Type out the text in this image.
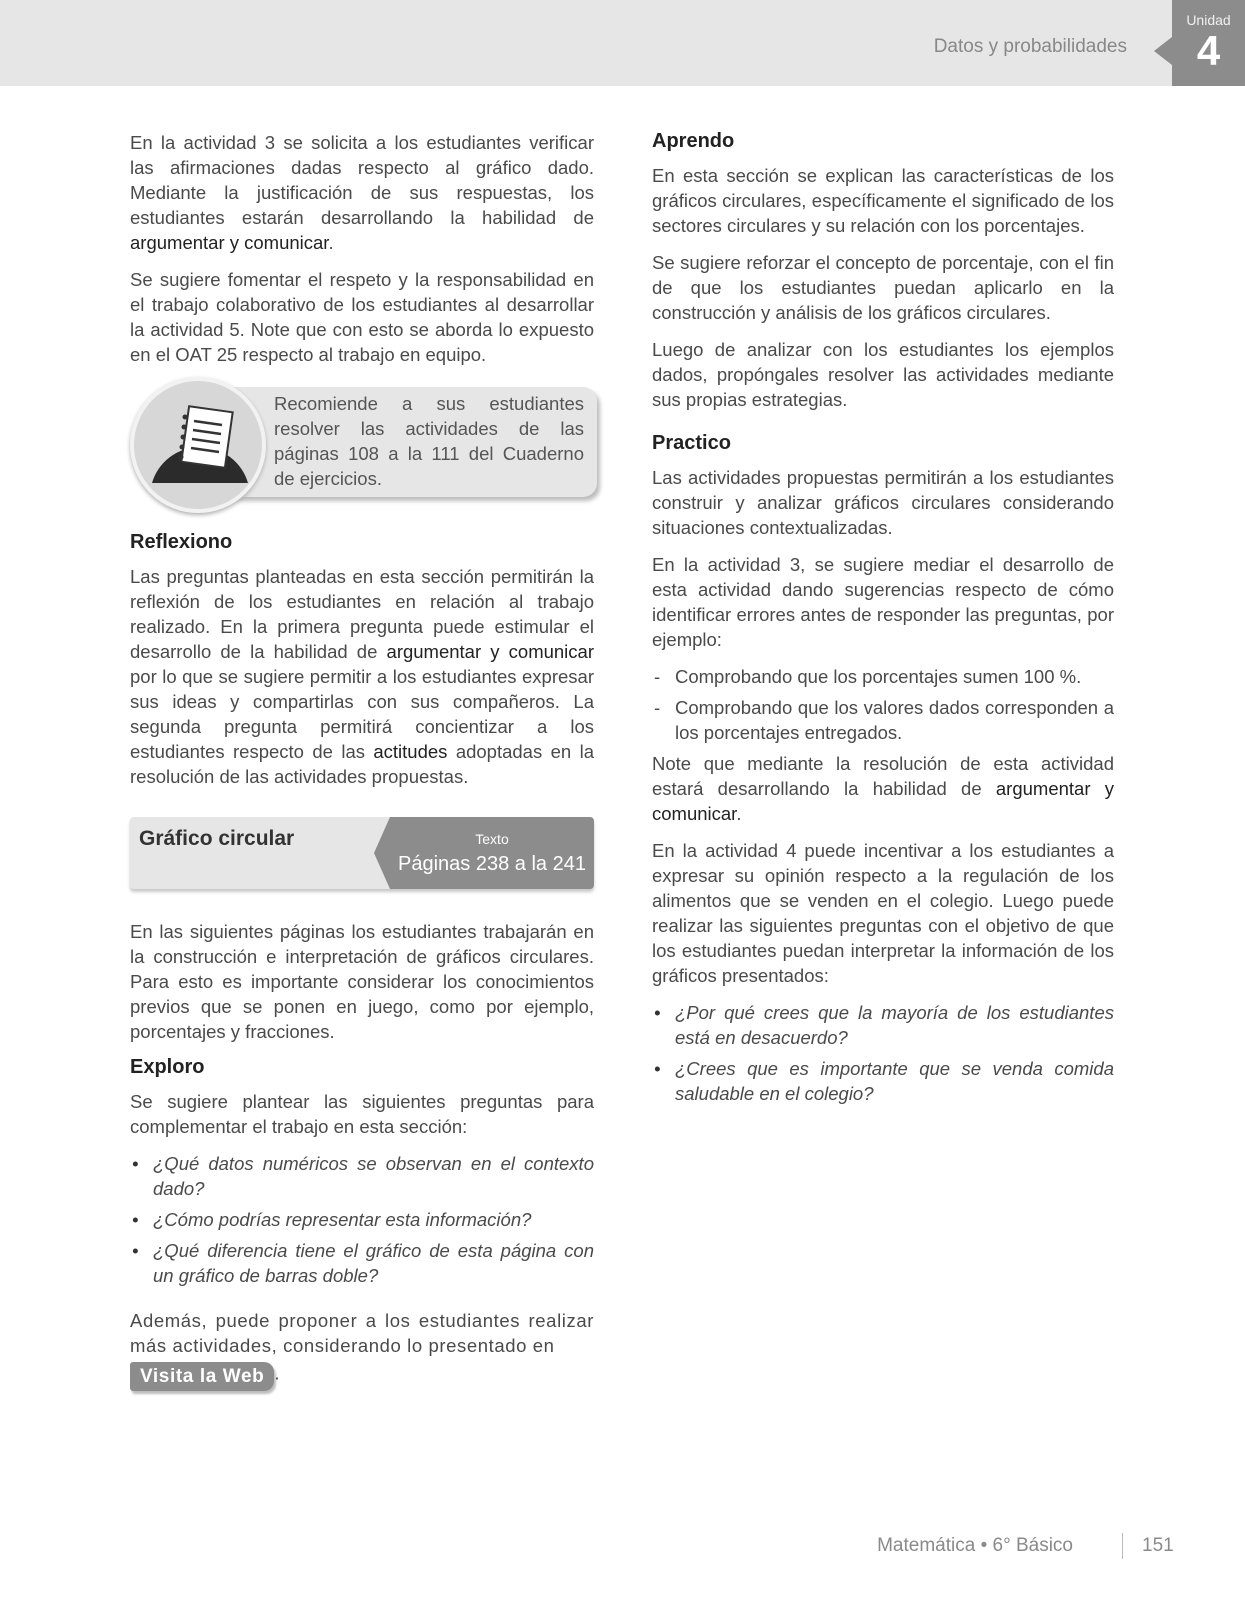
Datos y probabilidades
Unidad
4

En la actividad 3 se solicita a los estudiantes verificar las afirmaciones dadas respecto al gráfico dado. Mediante la justificación de sus respuestas, los estudiantes estarán desarrollando la habilidad de argumentar y comunicar.

Se sugiere fomentar el respeto y la responsabilidad en el trabajo colaborativo de los estudiantes al desarrollar la actividad 5. Note que con esto se aborda lo expuesto en el OAT 25 respecto al trabajo en equipo.

Recomiende a sus estudiantes resolver las actividades de las páginas 108 a la 111 del Cuaderno de ejercicios.
Reflexiono

Las preguntas planteadas en esta sección permitirán la reflexión de los estudiantes en relación al trabajo realizado. En la primera pregunta puede estimular el desarrollo de la habilidad de argumentar y comunicar por lo que se sugiere permitir a los estudiantes expresar sus ideas y compartirlas con sus compañeros. La segunda pregunta permitirá concientizar a los estudiantes respecto de las actitudes adoptadas en la resolución de las actividades propuestas.

Gráfico circular	Texto
Páginas 238 a la 241

En las siguientes páginas los estudiantes trabajarán en la construcción e interpretación de gráficos circulares. Para esto es importante considerar los conocimientos previos que se ponen en juego, como por ejemplo, porcentajes y fracciones.

Exploro

Se sugiere plantear las siguientes preguntas para complementar el trabajo en esta sección:

• ¿Qué datos numéricos se observan en el contexto dado?
• ¿Cómo podrías representar esta información?
• ¿Qué diferencia tiene el gráfico de esta página con un gráfico de barras doble?

Además, puede proponer a los estudiantes realizar más actividades, considerando lo presentado en
Visita la Web .

Aprendo

En esta sección se explican las características de los gráficos circulares, específicamente el significado de los sectores circulares y su relación con los porcentajes.

Se sugiere reforzar el concepto de porcentaje, con el fin de que los estudiantes puedan aplicarlo en la construcción y análisis de los gráficos circulares.

Luego de analizar con los estudiantes los ejemplos dados, propóngales resolver las actividades mediante sus propias estrategias.

Practico

Las actividades propuestas permitirán a los estudiantes construir y analizar gráficos circulares considerando situaciones contextualizadas.

En la actividad 3, se sugiere mediar el desarrollo de esta actividad dando sugerencias respecto de cómo identificar errores antes de responder las preguntas, por ejemplo:

- Comprobando que los porcentajes sumen 100 %.
- Comprobando que los valores dados corresponden a los porcentajes entregados.

Note que mediante la resolución de esta actividad estará desarrollando la habilidad de argumentar y comunicar.

En la actividad 4 puede incentivar a los estudiantes a expresar su opinión respecto a la regulación de los alimentos que se venden en el colegio. Luego puede realizar las siguientes preguntas con el objetivo de que los estudiantes puedan interpretar la información de los gráficos presentados:

• ¿Por qué crees que la mayoría de los estudiantes está en desacuerdo?
• ¿Crees que es importante que se venda comida saludable en el colegio?
Matemática • 6° Básico	151
